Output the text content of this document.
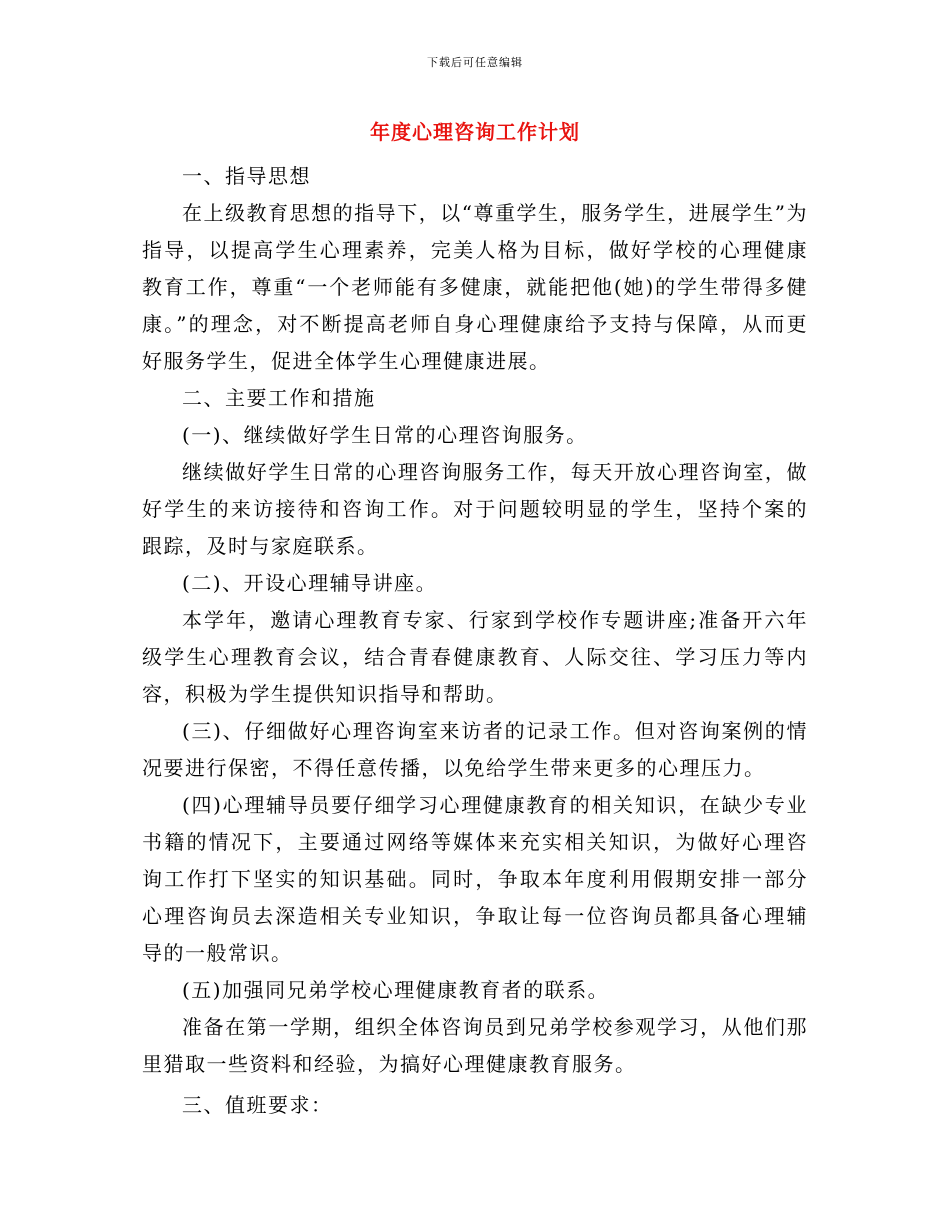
下载后可任意编辑
年度心理咨询工作计划

一、指导思想

在上级教育思想的指导下，以“尊重学生，服务学生，进展学生”为指导，以提高学生心理素养，完美人格为目标，做好学校的心理健康教育工作，尊重“一个老师能有多健康，就能把他(她)的学生带得多健康。”的理念，对不断提高老师自身心理健康给予支持与保障，从而更好服务学生，促进全体学生心理健康进展。

二、主要工作和措施

(一)、继续做好学生日常的心理咨询服务。

继续做好学生日常的心理咨询服务工作，每天开放心理咨询室，做好学生的来访接待和咨询工作。对于问题较明显的学生，坚持个案的跟踪，及时与家庭联系。

(二)、开设心理辅导讲座。

本学年，邀请心理教育专家、行家到学校作专题讲座;准备开六年级学生心理教育会议，结合青春健康教育、人际交往、学习压力等内容，积极为学生提供知识指导和帮助。

(三)、仔细做好心理咨询室来访者的记录工作。但对咨询案例的情况要进行保密，不得任意传播，以免给学生带来更多的心理压力。

(四)心理辅导员要仔细学习心理健康教育的相关知识，在缺少专业书籍的情况下，主要通过网络等媒体来充实相关知识，为做好心理咨询工作打下坚实的知识基础。同时，争取本年度利用假期安排一部分心理咨询员去深造相关专业知识，争取让每一位咨询员都具备心理辅导的一般常识。

(五)加强同兄弟学校心理健康教育者的联系。

准备在第一学期，组织全体咨询员到兄弟学校参观学习，从他们那里猎取一些资料和经验，为搞好心理健康教育服务。

三、值班要求：
